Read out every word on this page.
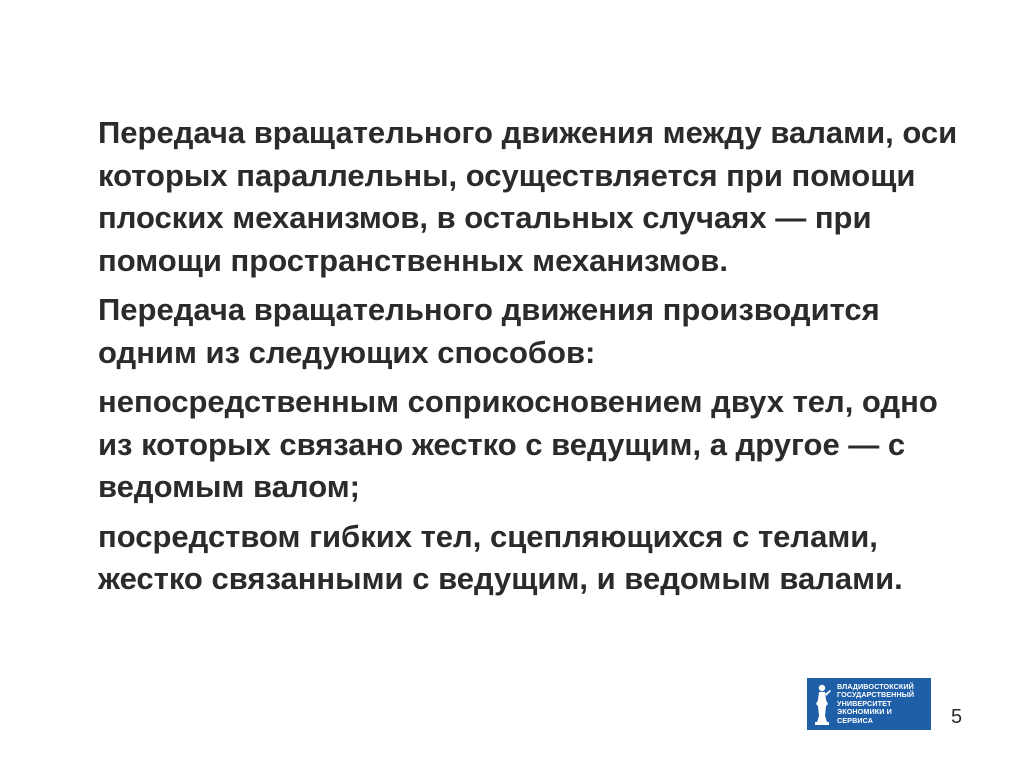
Передача вращательного движения между валами, оси которых параллельны, осуществляется при помощи плоских механизмов, в остальных случаях — при помощи пространственных механизмов.

Передача вращательного движения производится одним из следующих способов:

непосредственным соприкосновением двух тел, одно из которых связано жестко с ведущим, а другое — с ведомым валом;

посредством гибких тел, сцепляющихся с телами, жестко связанными с ведущим, и ведомым валами.

ВЛАДИВОСТОКСКИЙ
ГОСУДАРСТВЕННЫЙ
УНИВЕРСИТЕТ
ЭКОНОМИКИ И
СЕРВИСА	5
